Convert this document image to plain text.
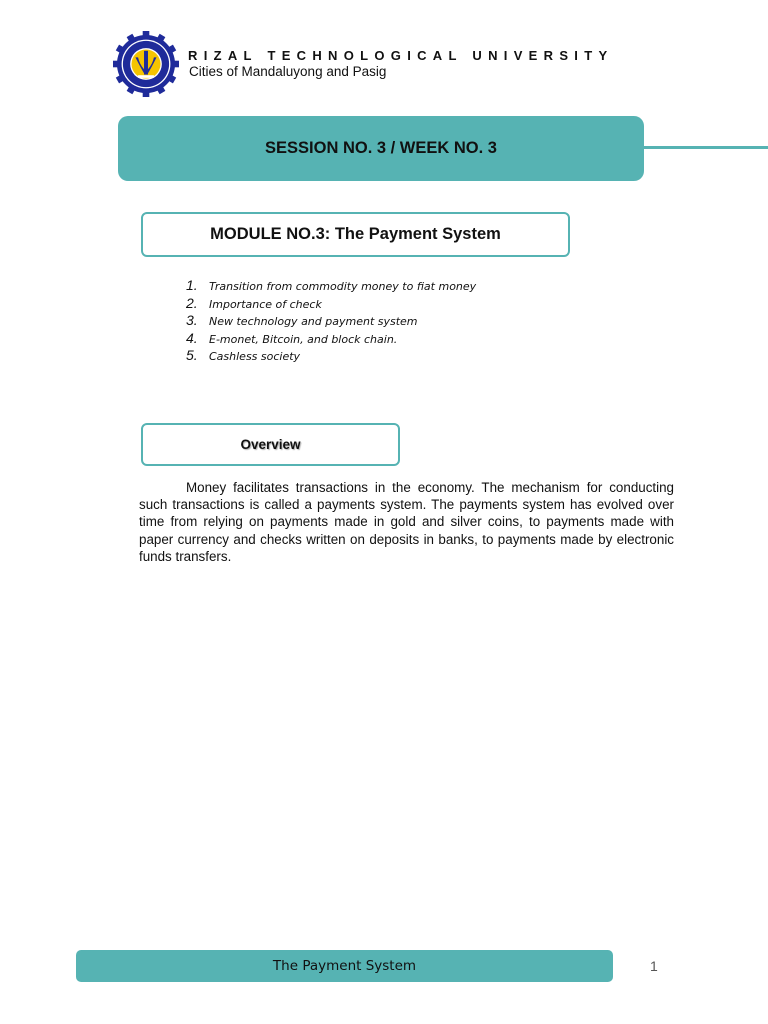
RIZAL TECHNOLOGICAL UNIVERSITY
Cities of Mandaluyong and Pasig
SESSION NO. 3 / WEEK NO. 3
MODULE NO.3: The Payment System
1.	Transition from commodity money to fiat money
2.	Importance of check
3.	New technology and payment system
4.	E-monet, Bitcoin, and block chain.
5.	Cashless society
Overview

Money facilitates transactions in the economy. The mechanism for conducting such transactions is called a payments system. The payments system has evolved over time from relying on payments made in gold and silver coins, to payments made with paper currency and checks written on deposits in banks, to payments made by electronic funds transfers.

The Payment System	1
